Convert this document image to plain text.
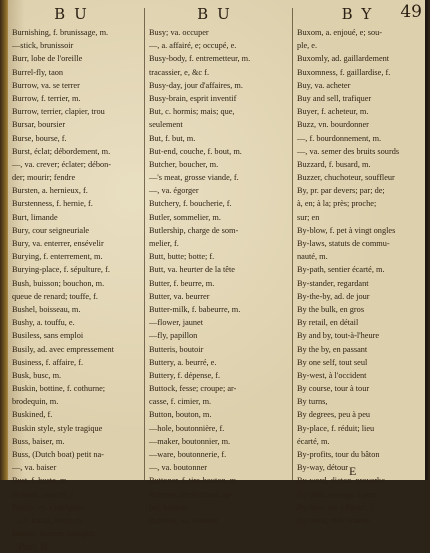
49
BU
Burnishing, f. brunissage, m.
—stick, brunissoir
Burr, lobe de l'oreille
Burrel-fly, taon
Burrow, va. se terrer
Burrow, f. terrier, m.
Burrow, terrier, clapier, trou
Bursar, boursier
Burse, bourse, f.
Burst, éclat; débordement, m.
—, va. crever; éclater; débon-
der; mourir; fendre
Bursten, a. hernieux, f.
Burstenness, f. hernie, f.
Burt, limande
Bury, cour seigneuriale
Bury, va. enterrer, ensévelir
Burying, f. enterrement, m.
Burying-place, f. sépulture, f.
Bush, buisson; bouchon, m.
queue de renard; touffe, f.
Bushel, boisseau, m.
Bushy, a. touffu, e.
Busiless, sans emploi
Busily, ad. avec empressement
Business, f. affaire, f.
Busk, busc, m.
Buskin, bottine, f. cothurne;
brodequin, m.
Buskined, f.
Buskin style, style tragique
Buss, baiser, m.
Buss, (Dutch boat) petit na-
—, va. baiser
Bust, f. buste, m.
Bustard, outarde, f.
Bustle, vn. s'intriguer
—, f. fracas, bruit, m.
Bustler, homme intrigant
Part. II.
BU
Busy; va. occuper
—, a. affairé, e; occupé, e.
Busy-body, f. entremetteur, m.
tracassier, e, &c f.
Busy-day, jour d'affaires, m.
Busy-brain, esprit inventif
But, c. hormis; mais; que,
seulement
But, f. but, m.
But-end, couche, f. bout, m.
Butcher, boucher, m.
—'s meat, grosse viande, f.
—, va. égorger
Butchery, f. boucherie, f.
Butler, sommelier, m.
Butlership, charge de som-
melier, f.
Butt, butte; botte; f.
Butt, va. heurter de la tête
Butter, f. beurre, m.
Butter, va. beurrer
Butter-milk, f. babeurre, m.
—flower, jaunet
—fly, papillon
Butteris, boutoir
Buttery, a. beurré, e.
Buttery, f. dépense, f.
Buttock, fesse; croupe; ar-
casse, f. cimier, m.
Button, bouton, m.
—hole, boutonnière, f.
—maker, boutonnier, m.
—ware, boutonnerie, f.
—, va. boutonner
Buttoner, f. tire-bouton, m.
Buttress, arc-boutant; ap-
pui, boutoir
Buttress, va. soutenir
BY
Buxom, a. enjoué, e; sou-
ple, e.
Buxomly, ad. gaillardement
Buxomness, f. gaillardise, f.
Buy, va. acheter
Buy and sell, trafiquer
Buyer, f. acheteur, m.
Buzz, vn. bourdonner
—, f. bourdonnement, m.
—, va. semer des bruits sourds
Buzzard, f. busard, m.
Buzzer, chuchoteur, souffleur
By, pr. par devers; par; de;
à, en; à la; près; proche;
sur; en
By-blow, f. pet à vingt ongles
By-laws, statuts de commu-
nauté, m.
By-path, sentier écarté, m.
By-stander, regardant
By-the-by, ad. de jour
By the bulk, en gros
By retail, en détail
By and by, tout-à-l'heure
By the by, en passant
By one self, tout seul
By-west, à l'occident
By course, tour à tour
By turns,
By degrees, peu à peu
By-place, f. réduit; lieu
écarté, m.
By-profits, tour du bâton
By-way, détour
By-word, dicton, proverbe
By-jobb, ouvrage à part
By-lane, rue à l'écart, f.
By-town, ville écartée
E
